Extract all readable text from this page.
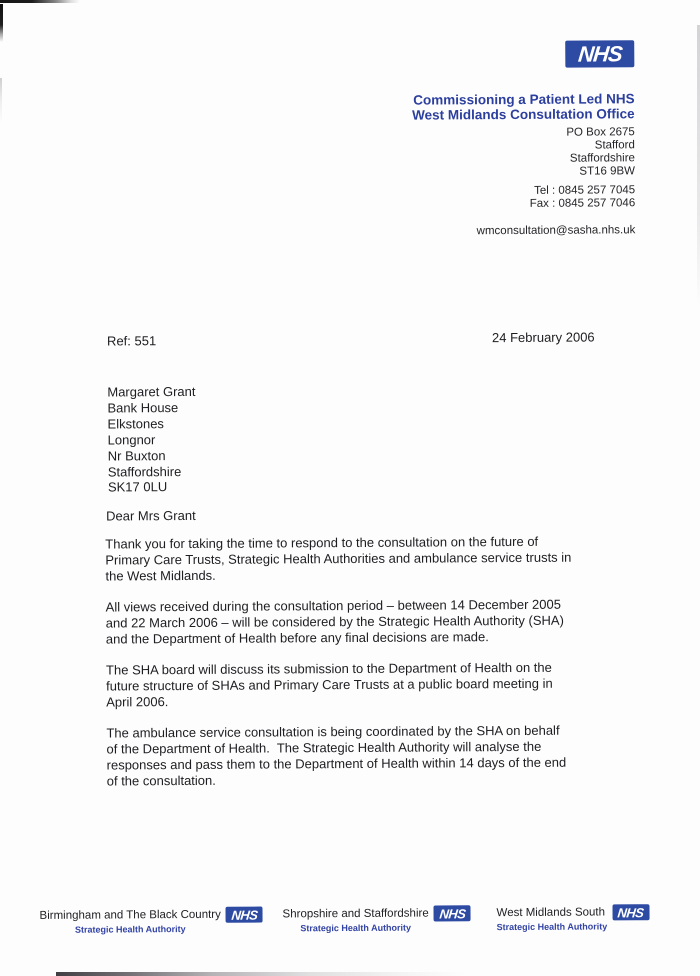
NHS
Commissioning a Patient Led NHS
West Midlands Consultation Office
PO Box 2675
Stafford
Staffordshire
ST16 9BW
Tel : 0845 257 7045
Fax : 0845 257 7046
wmconsultation@sasha.nhs.uk
Ref: 551	24 February 2006
Margaret Grant
Bank House
Elkstones
Longnor
Nr Buxton
Staffordshire
SK17 0LU
Dear Mrs Grant
Thank you for taking the time to respond to the consultation on the future of
Primary Care Trusts, Strategic Health Authorities and ambulance service trusts in
the West Midlands.
All views received during the consultation period – between 14 December 2005
and 22 March 2006 – will be considered by the Strategic Health Authority (SHA)
and the Department of Health before any final decisions are made.
The SHA board will discuss its submission to the Department of Health on the
future structure of SHAs and Primary Care Trusts at a public board meeting in
April 2006.
The ambulance service consultation is being coordinated by the SHA on behalf
of the Department of Health.  The Strategic Health Authority will analyse the
responses and pass them to the Department of Health within 14 days of the end
of the consultation.
Birmingham and The Black Country NHS
Strategic Health Authority
Shropshire and Staffordshire NHS
Strategic Health Authority
West Midlands South NHS
Strategic Health Authority
